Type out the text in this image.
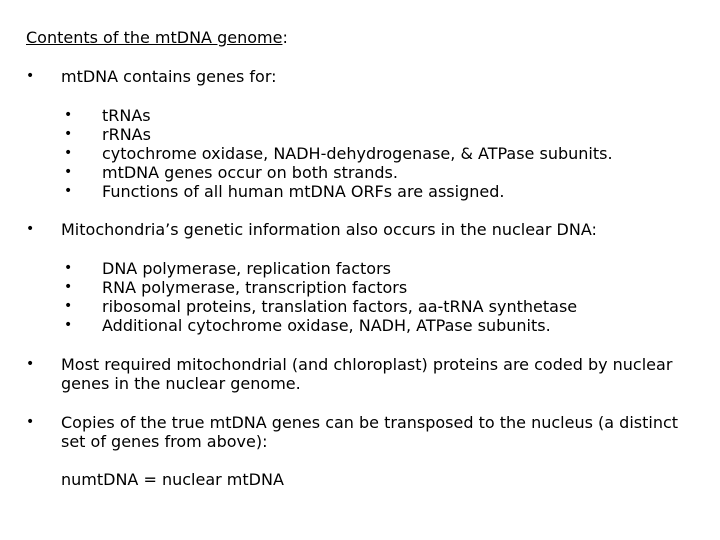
Contents of the mtDNA genome:
• mtDNA contains genes for:
• tRNAs
• rRNAs
• cytochrome oxidase, NADH-dehydrogenase, & ATPase subunits.
• mtDNA genes occur on both strands.
• Functions of all human mtDNA ORFs are assigned.
• Mitochondria’s genetic information also occurs in the nuclear DNA:
• DNA polymerase, replication factors
• RNA polymerase, transcription factors
• ribosomal proteins, translation factors, aa-tRNA synthetase
• Additional cytochrome oxidase, NADH, ATPase subunits.
• Most required mitochondrial (and chloroplast) proteins are coded by nuclear genes in the nuclear genome.
• Copies of the true mtDNA genes can be transposed to the nucleus (a distinct set of genes from above):
numtDNA = nuclear mtDNA
